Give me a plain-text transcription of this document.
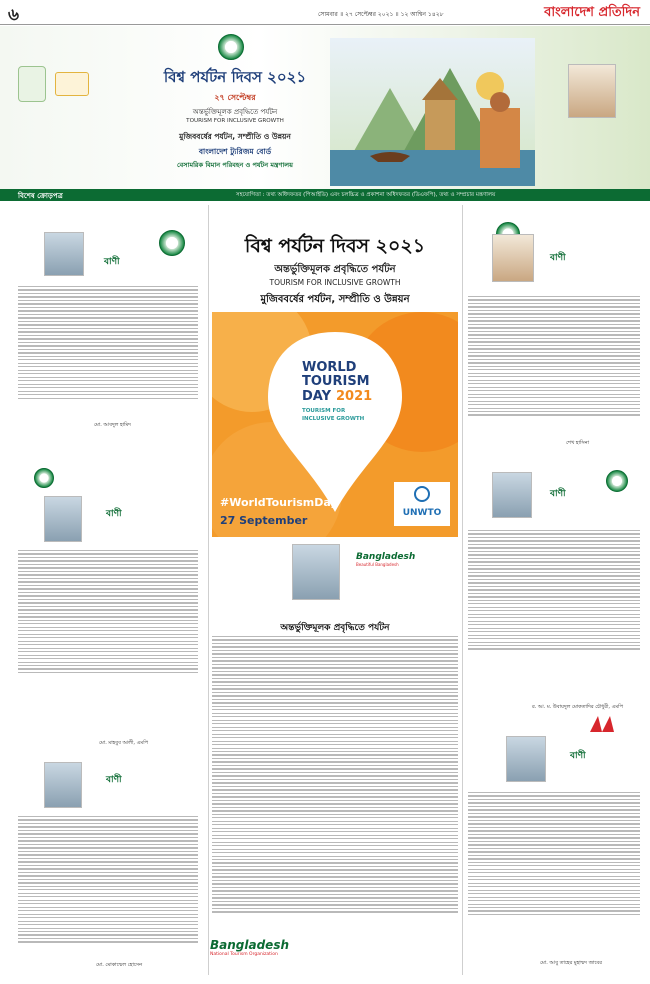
৬	সোমবার ॥ ২৭ সেপ্টেম্বর ২০২১ ॥ ১২ আশ্বিন ১৪২৮	বাংলাদেশ প্রতিদিন
বিশ্ব পর্যটন দিবস ২০২১
২৭ সেপ্টেম্বর
অন্তর্ভুক্তিমূলক প্রবৃদ্ধিতে পর্যটন
TOURISM FOR INCLUSIVE GROWTH
মুজিববর্ষের পর্যটন, সম্প্রীতি ও উন্নয়ন
বাংলাদেশ ট্যুরিজম বোর্ড
বেসামরিক বিমান পরিবহন ও পর্যটন মন্ত্রণালয়
বিশেষ ক্রোড়পত্র	সহযোগিতা : তথ্য অধিদফতর (পিআইডি) এবং চলচ্চিত্র ও প্রকাশনা অধিদফতর (ডিএফপি), তথ্য ও সম্প্রচার মন্ত্রণালয়
বাণী
মো. আবদুল হামিদ
বাণী
মো. মাহবুব আলী, এমপি
বাণী
মো. মোকাম্মেল হোসেন
বিশ্ব পর্যটন দিবস ২০২১
অন্তর্ভুক্তিমূলক প্রবৃদ্ধিতে পর্যটন
TOURISM FOR INCLUSIVE GROWTH
মুজিববর্ষের পর্যটন, সম্প্রীতি ও উন্নয়ন
WORLD
TOURISM
DAY 2021
TOURISM FOR
INCLUSIVE GROWTH
#WorldTourismDay
27 September
UNWTO
Bangladesh
Beautiful Bangladesh
অন্তর্ভুক্তিমূলক প্রবৃদ্ধিতে পর্যটন
Bangladesh
National Tourism Organization
বাণী
শেখ হাসিনা
বাণী
র. আ. ম. উবায়দুল মোকতাদির চৌধুরী, এমপি
বাণী
মো. আবু তাহের মুহাম্মদ জাবের
